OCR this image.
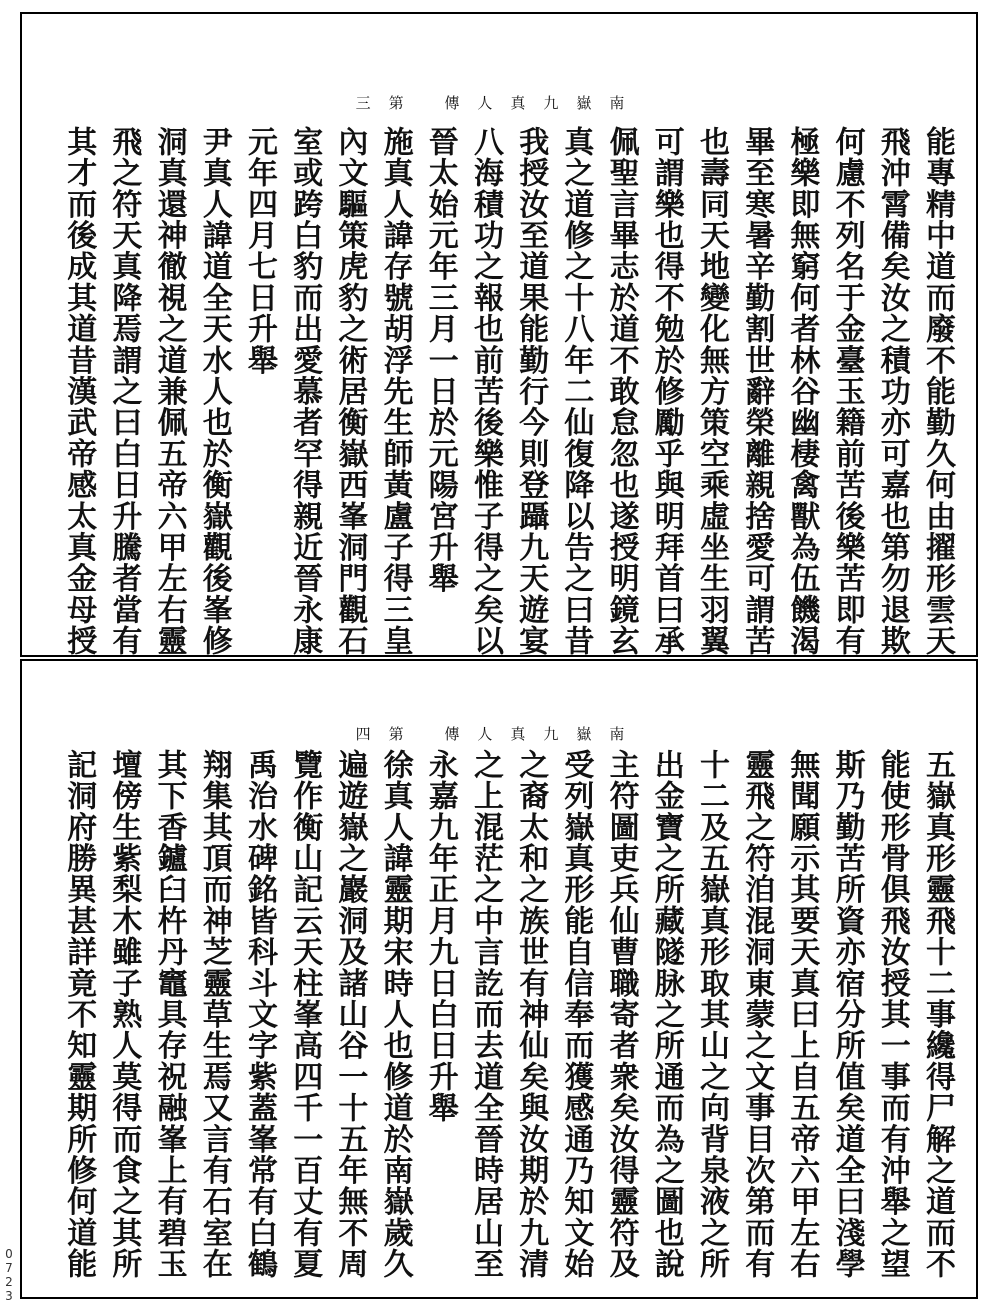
南嶽九真人傳 第三
能專精中道而廢不能勤久何由擢形雲天
飛沖霄備矣汝之積功亦可嘉也第勿退欺
何慮不列名于金臺玉籍前苦後樂苦即有
極樂即無窮何者林谷幽棲禽獸為伍饑渴
畢至寒暑辛勤割世辭榮離親捨愛可謂苦
也壽同天地變化無方策空乘虛坐生羽翼
可謂樂也得不勉於修勵乎與明拜首曰承
佩聖言畢志於道不敢怠忽也遂授明鏡玄
真之道修之十八年二仙復降以告之曰昔
我授汝至道果能勤行今則登躡九天遊宴
八海積功之報也前苦後樂惟子得之矣以
晉太始元年三月一日於元陽宮升舉
施真人諱存號胡浮先生師黃盧子得三皇
內文驅策虎豹之術居衡嶽西峯洞門觀石
室或跨白豹而出愛慕者罕得親近晉永康
元年四月七日升舉
尹真人諱道全天水人也於衡嶽觀後峯修
洞真還神徹視之道兼佩五帝六甲左右靈
飛之符天真降焉謂之曰白日升騰者當有
其才而後成其道昔漢武帝感太真金母授
南嶽九真人傳 第四
五嶽真形靈飛十二事纔得尸解之道而不
能使形骨俱飛汝授其一事而有沖舉之望
斯乃勤苦所資亦宿分所值矣道全曰淺學
無聞願示其要天真曰上自五帝六甲左右
靈飛之符洎混洞東蒙之文事目次第而有
十二及五嶽真形取其山之向背泉液之所
出金寶之所藏隧脉之所通而為之圖也說
主符圖吏兵仙曹職寄者衆矣汝得靈符及
受列嶽真形能自信奉而獲感通乃知文始
之裔太和之族世有神仙矣與汝期於九清
之上混茫之中言訖而去道全晉時居山至
永嘉九年正月九日白日升舉
徐真人諱靈期宋時人也修道於南嶽歲久
遍遊嶽之巖洞及諸山谷一十五年無不周
覽作衡山記云天柱峯高四千一百丈有夏
禹治水碑銘皆科斗文字紫蓋峯常有白鶴
翔集其頂而神芝靈草生焉又言有石室在
其下香鑪臼杵丹竈具存祝融峯上有碧玉
壇傍生紫梨木雖子熟人莫得而食之其所
記洞府勝異甚詳竟不知靈期所修何道能
0723
